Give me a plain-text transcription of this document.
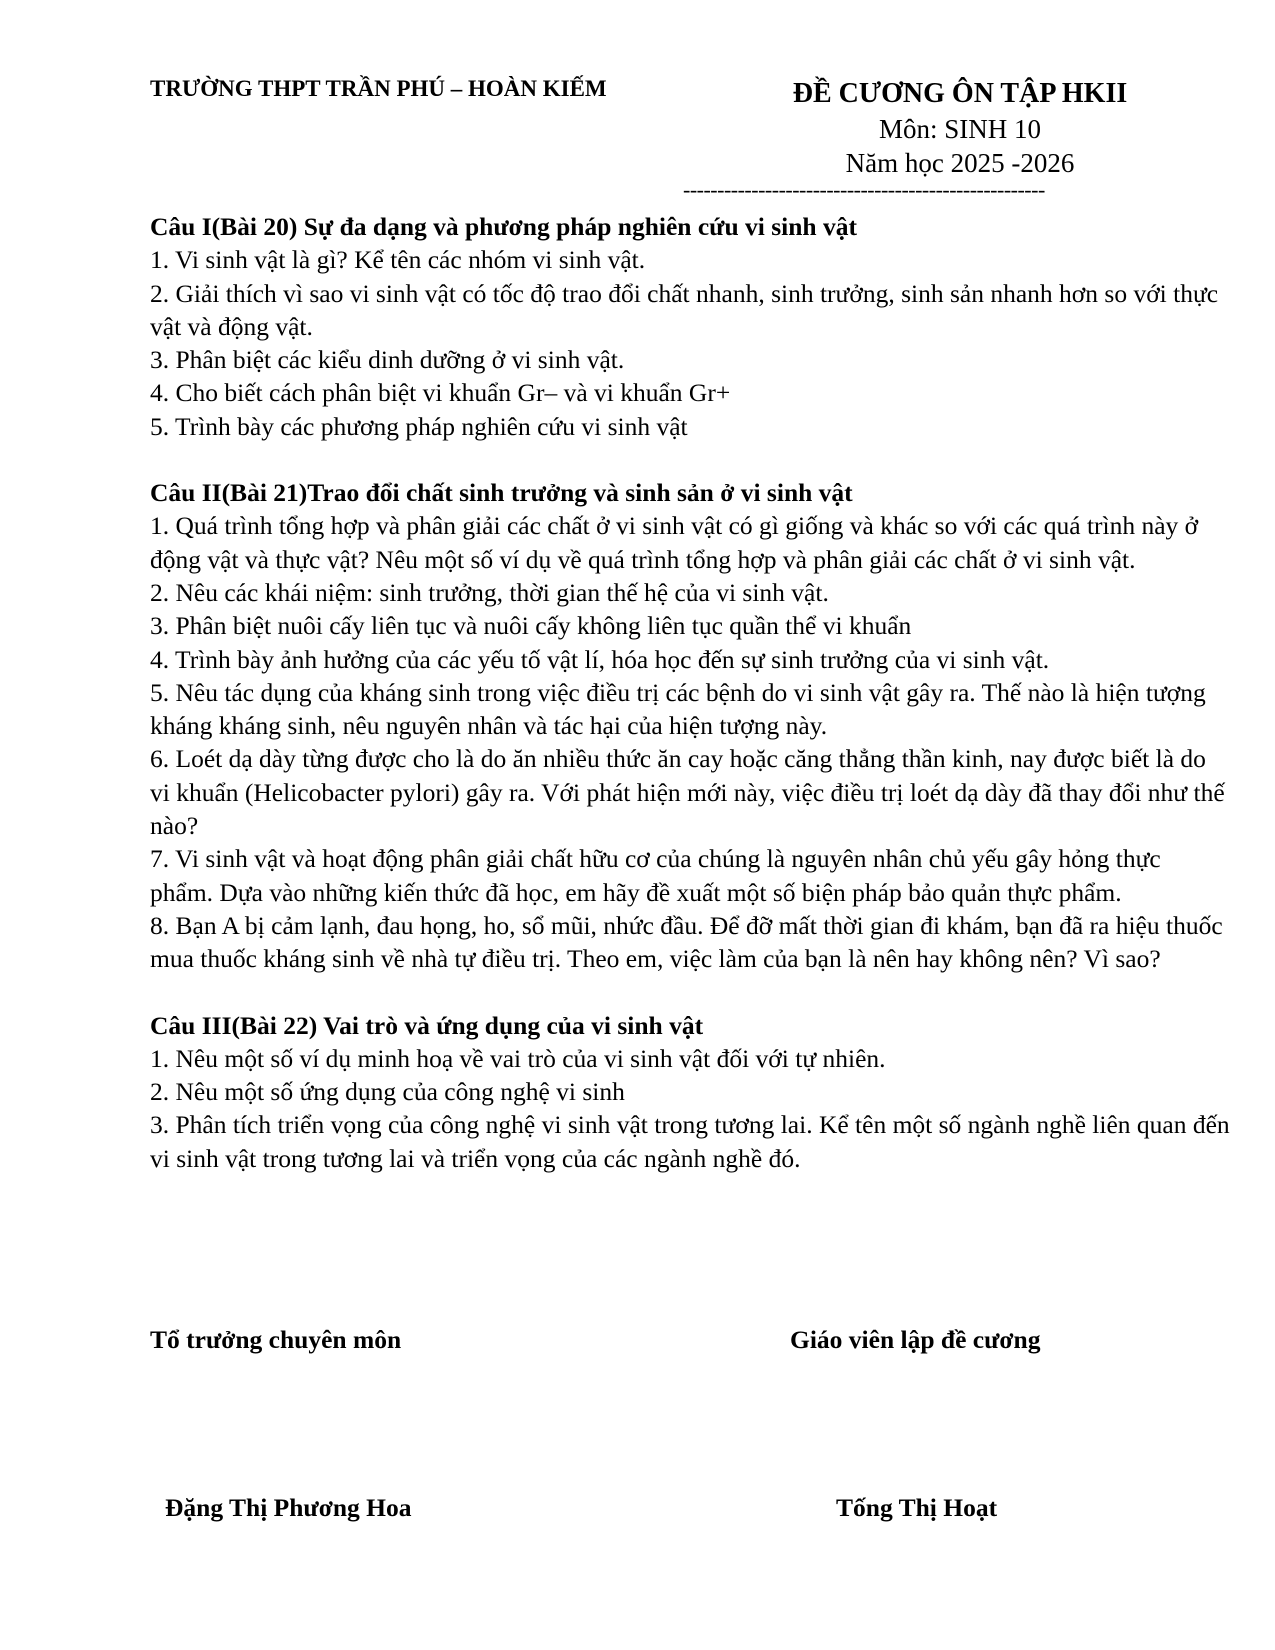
TRƯỜNG THPT TRẦN PHÚ – HOÀN KIẾM	ĐỀ CƯƠNG ÔN TẬP HKII
Môn: SINH 10
Năm học 2025 -2026
-----------------------------------------------------

Câu I(Bài 20) Sự đa dạng và phương pháp nghiên cứu vi sinh vật

1. Vi sinh vật là gì? Kể tên các nhóm vi sinh vật.

2. Giải thích vì sao vi sinh vật có tốc độ trao đổi chất nhanh, sinh trưởng, sinh sản nhanh hơn so với thực vật và động vật.

3. Phân biệt các kiểu dinh dưỡng ở vi sinh vật.

4. Cho biết cách phân biệt vi khuẩn Gr– và vi khuẩn Gr+

5. Trình bày các phương pháp nghiên cứu vi sinh vật

Câu II(Bài 21)Trao đổi chất sinh trưởng và sinh sản ở vi sinh vật

1. Quá trình tổng hợp và phân giải các chất ở vi sinh vật có gì giống và khác so với các quá trình này ở động vật và thực vật? Nêu một số ví dụ về quá trình tổng hợp và phân giải các chất ở vi sinh vật.

2. Nêu các khái niệm: sinh trưởng, thời gian thế hệ của vi sinh vật.

3. Phân biệt nuôi cấy liên tục và nuôi cấy không liên tục quần thể vi khuẩn

4. Trình bày ảnh hưởng của các yếu tố vật lí, hóa học đến sự sinh trưởng của vi sinh vật.

5. Nêu tác dụng của kháng sinh trong việc điều trị các bệnh do vi sinh vật gây ra. Thế nào là hiện tượng kháng kháng sinh, nêu nguyên nhân và tác hại của hiện tượng này.

6. Loét dạ dày từng được cho là do ăn nhiều thức ăn cay hoặc căng thẳng thần kinh, nay được biết là do vi khuẩn (Helicobacter pylori) gây ra. Với phát hiện mới này, việc điều trị loét dạ dày đã thay đổi như thế nào?

7. Vi sinh vật và hoạt động phân giải chất hữu cơ của chúng là nguyên nhân chủ yếu gây hỏng thực phẩm. Dựa vào những kiến thức đã học, em hãy đề xuất một số biện pháp bảo quản thực phẩm.

8. Bạn A bị cảm lạnh, đau họng, ho, sổ mũi, nhức đầu. Để đỡ mất thời gian đi khám, bạn đã ra hiệu thuốc mua thuốc kháng sinh về nhà tự điều trị. Theo em, việc làm của bạn là nên hay không nên? Vì sao?

Câu III(Bài 22) Vai trò và ứng dụng của vi sinh vật

1. Nêu một số ví dụ minh hoạ về vai trò của vi sinh vật đối với tự nhiên.

2. Nêu một số ứng dụng của công nghệ vi sinh

3. Phân tích triển vọng của công nghệ vi sinh vật trong tương lai. Kể tên một số ngành nghề liên quan đến vi sinh vật trong tương lai và triển vọng của các ngành nghề đó.

Tổ trưởng chuyên môn	Giáo viên lập đề cương
Đặng Thị Phương Hoa	Tống Thị Hoạt
